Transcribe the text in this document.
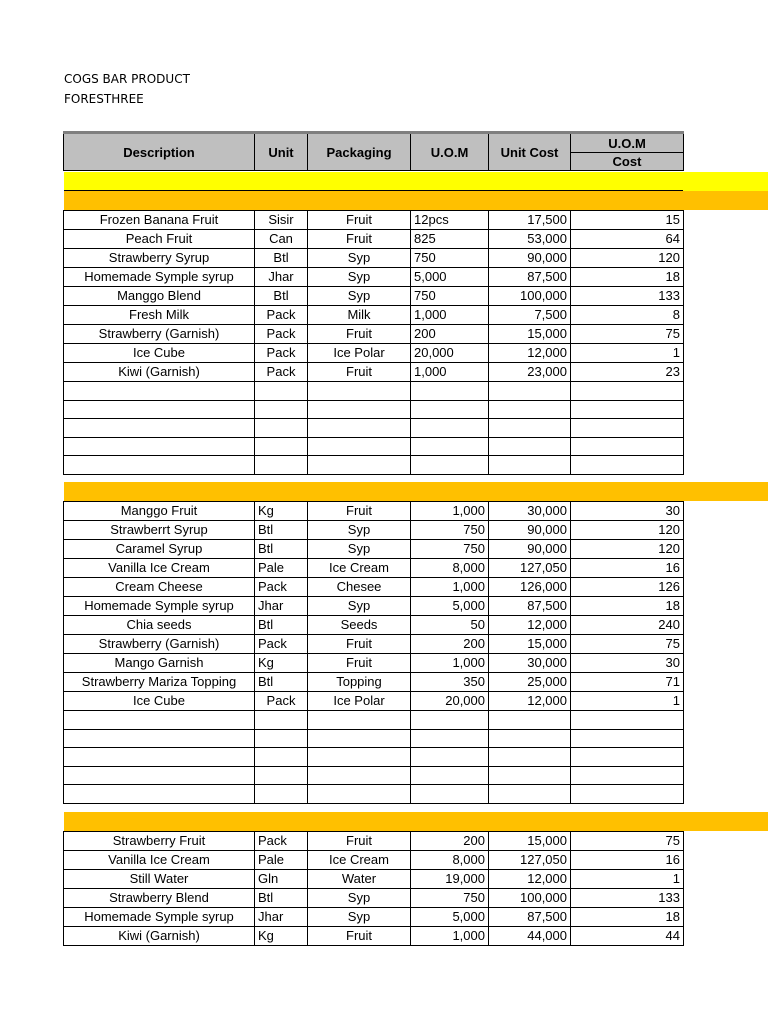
COGS BAR PRODUCT
FORESTHREE
Description	Unit	Packaging	U.O.M	Unit Cost	U.O.M
Cost
Frozen Banana Fruit	Sisir	Fruit	12pcs	17,500	15
Peach Fruit	Can	Fruit	825	53,000	64
Strawberry Syrup	Btl	Syp	750	90,000	120
Homemade Symple syrup	Jhar	Syp	5,000	87,500	18
Manggo Blend	Btl	Syp	750	100,000	133
Fresh Milk	Pack	Milk	1,000	7,500	8
Strawberry (Garnish)	Pack	Fruit	200	15,000	75
Ice Cube	Pack	Ice Polar	20,000	12,000	1
Kiwi (Garnish)	Pack	Fruit	1,000	23,000	23

Manggo Fruit	Kg	Fruit	1,000	30,000	30
Strawberrt Syrup	Btl	Syp	750	90,000	120
Caramel Syrup	Btl	Syp	750	90,000	120
Vanilla Ice Cream	Pale	Ice Cream	8,000	127,050	16
Cream Cheese	Pack	Chesee	1,000	126,000	126
Homemade Symple syrup	Jhar	Syp	5,000	87,500	18
Chia seeds	Btl	Seeds	50	12,000	240
Strawberry (Garnish)	Pack	Fruit	200	15,000	75
Mango Garnish	Kg	Fruit	1,000	30,000	30
Strawberry Mariza Topping	Btl	Topping	350	25,000	71
Ice Cube	Pack	Ice Polar	20,000	12,000	1

Strawberry Fruit	Pack	Fruit	200	15,000	75
Vanilla Ice Cream	Pale	Ice Cream	8,000	127,050	16
Still Water	Gln	Water	19,000	12,000	1
Strawberry Blend	Btl	Syp	750	100,000	133
Homemade Symple syrup	Jhar	Syp	5,000	87,500	18
Kiwi (Garnish)	Kg	Fruit	1,000	44,000	44
